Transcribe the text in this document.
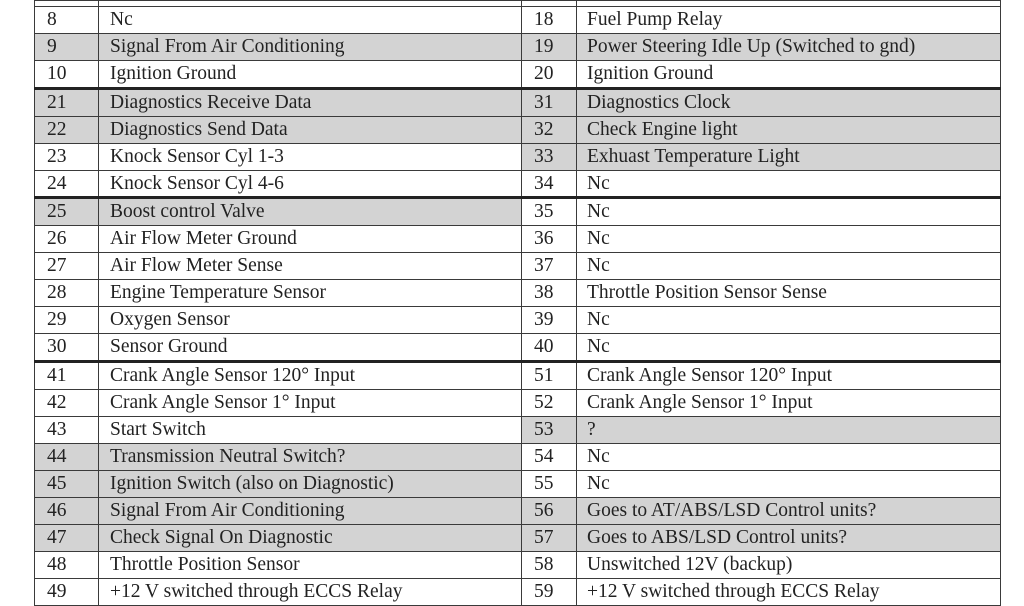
8	Nc	18	Fuel Pump Relay
9	Signal From Air Conditioning	19	Power Steering Idle Up (Switched to gnd)
10	Ignition Ground	20	Ignition Ground
21	Diagnostics Receive Data	31	Diagnostics Clock
22	Diagnostics Send Data	32	Check Engine light
23	Knock Sensor Cyl 1-3	33	Exhuast Temperature Light
24	Knock Sensor Cyl 4-6	34	Nc
25	Boost control Valve	35	Nc
26	Air Flow Meter Ground	36	Nc
27	Air Flow Meter Sense	37	Nc
28	Engine Temperature Sensor	38	Throttle Position Sensor Sense
29	Oxygen Sensor	39	Nc
30	Sensor Ground	40	Nc
41	Crank Angle Sensor 120° Input	51	Crank Angle Sensor 120° Input
42	Crank Angle Sensor 1° Input	52	Crank Angle Sensor 1° Input
43	Start Switch	53	?
44	Transmission Neutral Switch?	54	Nc
45	Ignition Switch (also on Diagnostic)	55	Nc
46	Signal From Air Conditioning	56	Goes to AT/ABS/LSD Control units?
47	Check Signal On Diagnostic	57	Goes to ABS/LSD Control units?
48	Throttle Position Sensor	58	Unswitched 12V (backup)
49	+12 V switched through ECCS Relay	59	+12 V switched through ECCS Relay
